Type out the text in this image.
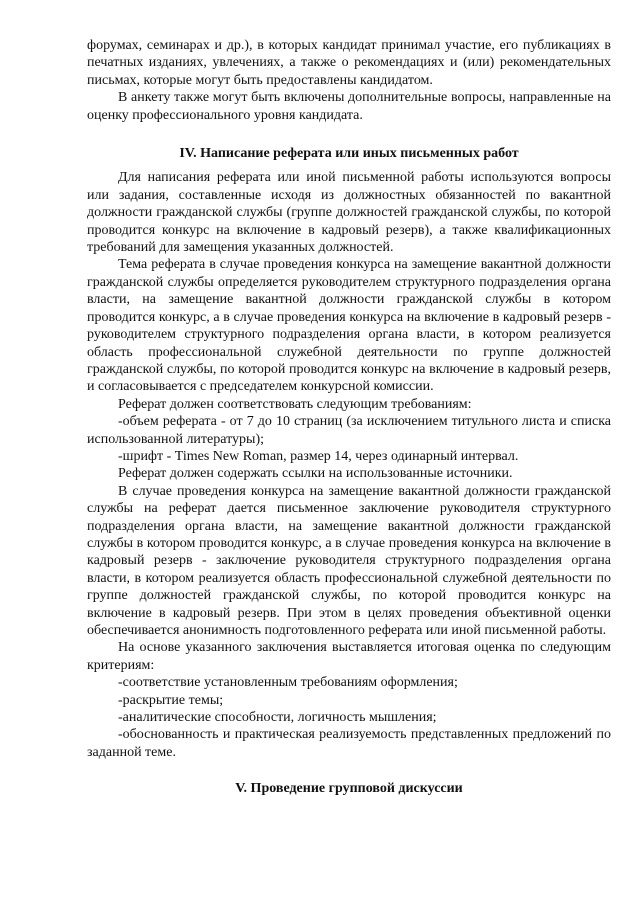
форумах, семинарах и др.), в которых кандидат принимал участие, его публикациях в печатных изданиях, увлечениях, а также о рекомендациях и (или) рекомендательных письмах, которые могут быть предоставлены кандидатом.

В анкету также могут быть включены дополнительные вопросы, направленные на оценку профессионального уровня кандидата.

IV. Написание реферата или иных письменных работ

Для написания реферата или иной письменной работы используются вопросы или задания, составленные исходя из должностных обязанностей по вакантной должности гражданской службы (группе должностей гражданской службы, по которой проводится конкурс на включение в кадровый резерв), а также квалификационных требований для замещения указанных должностей.

Тема реферата в случае проведения конкурса на замещение вакантной должности гражданской службы определяется руководителем структурного подразделения органа власти, на замещение вакантной должности гражданской службы в котором проводится конкурс, а в случае проведения конкурса на включение в кадровый резерв - руководителем структурного подразделения органа власти, в котором реализуется область профессиональной служебной деятельности по группе должностей гражданской службы, по которой проводится конкурс на включение в кадровый резерв, и согласовывается с председателем конкурсной комиссии.

Реферат должен соответствовать следующим требованиям:

-объем реферата - от 7 до 10 страниц (за исключением титульного листа и списка использованной литературы);

-шрифт - Times New Roman, размер 14, через одинарный интервал.

Реферат должен содержать ссылки на использованные источники.

В случае проведения конкурса на замещение вакантной должности гражданской службы на реферат дается письменное заключение руководителя структурного подразделения органа власти, на замещение вакантной должности гражданской службы в котором проводится конкурс, а в случае проведения конкурса на включение в кадровый резерв - заключение руководителя структурного подразделения органа власти, в котором реализуется область профессиональной служебной деятельности по группе должностей гражданской службы, по которой проводится конкурс на включение в кадровый резерв. При этом в целях проведения объективной оценки обеспечивается анонимность подготовленного реферата или иной письменной работы.

На основе указанного заключения выставляется итоговая оценка по следующим критериям:

-соответствие установленным требованиям оформления;

-раскрытие темы;

-аналитические способности, логичность мышления;

-обоснованность и практическая реализуемость представленных предложений по заданной теме.

V. Проведение групповой дискуссии
